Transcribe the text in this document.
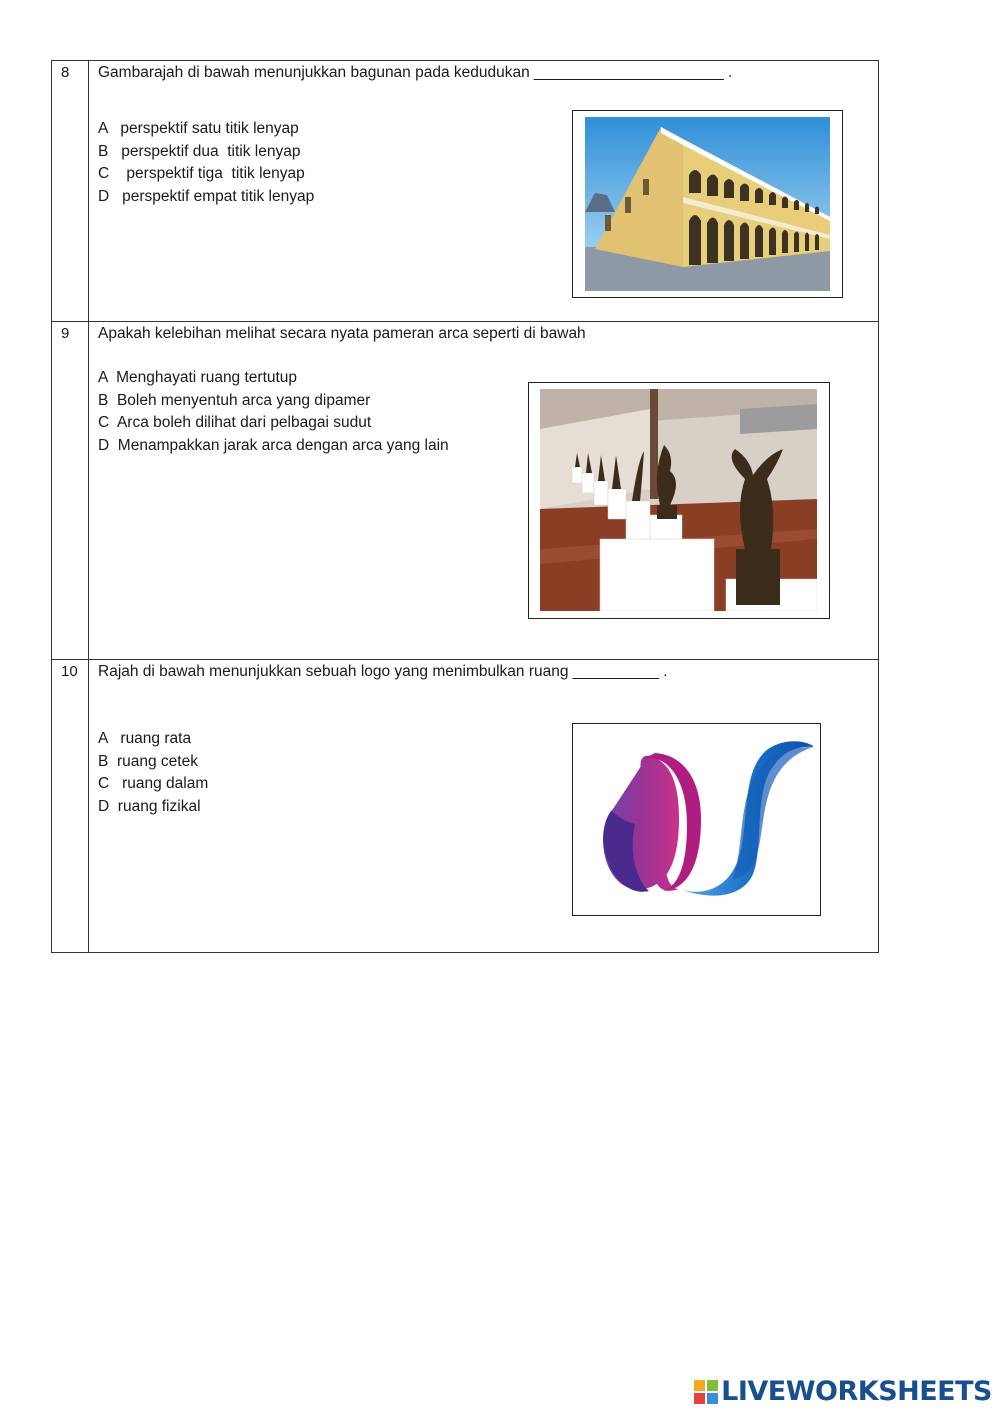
8	Gambarajah di bawah menunjukkan bagunan pada kedudukan ______________________ .
A   perspektif satu titik lenyap
B   perspektif dua  titik lenyap
C    perspektif tiga  titik lenyap
D   perspektif empat titik lenyap

9	Apakah kelebihan melihat secara nyata pameran arca seperti di bawah
A  Menghayati ruang tertutup
B  Boleh menyentuh arca yang dipamer
C  Arca boleh dilihat dari pelbagai sudut
D  Menampakkan jarak arca dengan arca yang lain

10	Rajah di bawah menunjukkan sebuah logo yang menimbulkan ruang __________ .
A   ruang rata
B  ruang cetek
C   ruang dalam
D  ruang fizikal
LIVEWORKSHEETS
